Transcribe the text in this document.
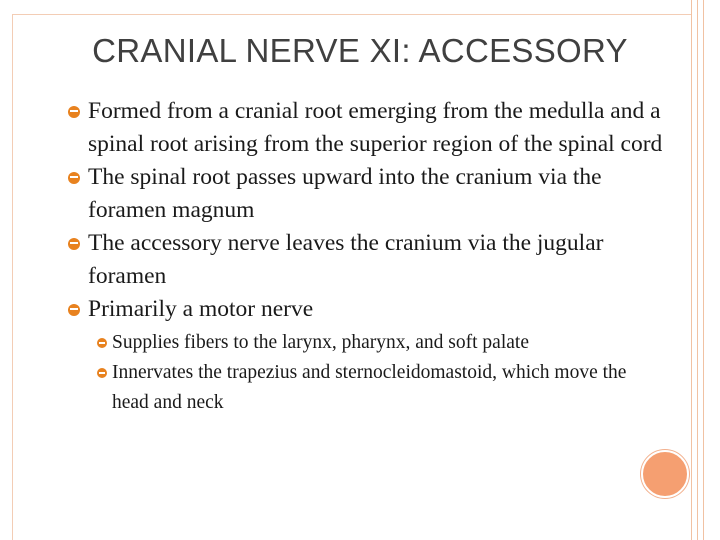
CRANIAL NERVE XI: ACCESSORY
Formed from a cranial root emerging from the medulla and a spinal root arising from the superior region of the spinal cord
The spinal root passes upward into the cranium via the foramen magnum
The accessory nerve leaves the cranium via the jugular foramen
Primarily a motor nerve
Supplies fibers to the larynx, pharynx, and soft palate
Innervates the trapezius and sternocleidomastoid, which move the head and neck
